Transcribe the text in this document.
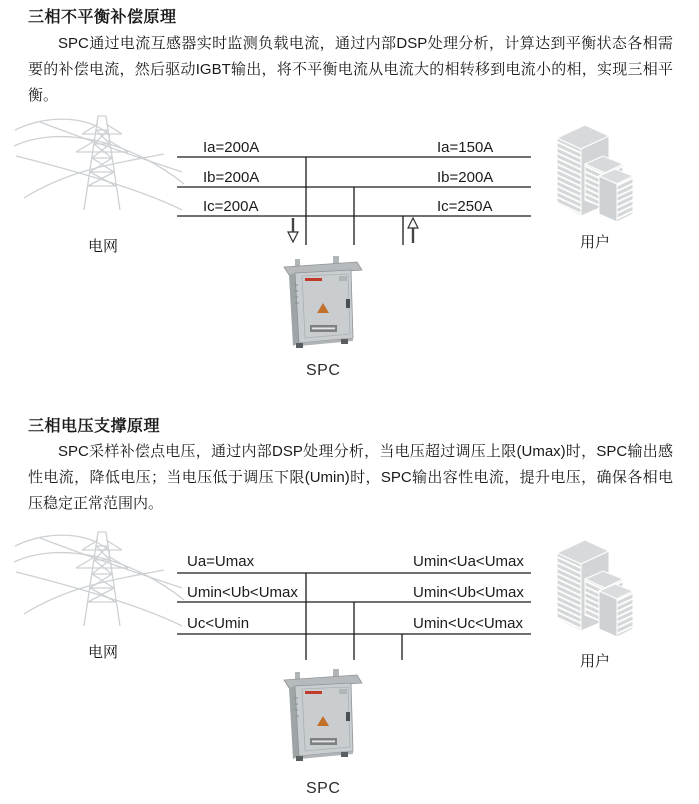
三相不平衡补偿原理
SPC通过电流互感器实时监测负载电流，通过内部DSP处理分析，计算达到平衡状态各相需要的补偿电流，然后驱动IGBT输出，将不平衡电流从电流大的相转移到电流小的相，实现三相平衡。
电网
Ia=200A
Ib=200A
Ic=200A
Ia=150A
Ib=200A
Ic=250A
用户
SPC
三相电压支撑原理
SPC采样补偿点电压，通过内部DSP处理分析，当电压超过调压上限(Umax)时，SPC输出感性电流，降低电压；当电压低于调压下限(Umin)时，SPC输出容性电流，提升电压，确保各相电压稳定正常范围内。
电网
Ua=Umax
Umin<Ub<Umax
Uc<Umin
Umin<Ua<Umax
Umin<Ub<Umax
Umin<Uc<Umax
用户
SPC
